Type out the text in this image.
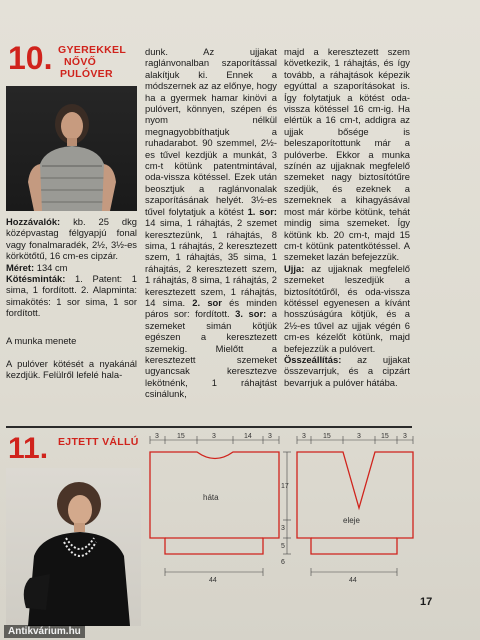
10. GYEREKKEL
NŐVŐ
PULÓVER

Hozzávalók: kb. 25 dkg középvastag félgyapjú fonal vagy fonalmaradék, 2½, 3½-es körkötőtű, 16 cm-es cipzár.

Méret: 134 cm

Kötésminták: 1. Patent: 1 sima, 1 fordított. 2. Alapminta: simakötés: 1 sor sima, 1 sor fordított.

A munka menete

A pulóver kötését a nyakánál kezdjük. Felülről lefelé hala-

dunk. Az ujjakat raglánvonalban szaporítással alakítjuk ki. Ennek a módszernek az az előnye, hogy ha a gyermek hamar kinövi a pulóvert, könnyen, szépen és nyom nélkül megnagyobbíthatjuk a ruhadarabot. 90 szemmel, 2½-es tűvel kezdjük a munkát, 3 cm-t kötünk patentmintával, oda-vissza kötéssel. Ezek után beosztjuk a raglánvonalak szaporításának helyét. 3½-es tűvel folytatjuk a kötést 1. sor: 14 sima, 1 ráhajtás, 2 szemet keresztezünk, 1 ráhajtás, 8 sima, 1 ráhajtás, 2 keresztezett szem, 1 ráhajtás, 35 sima, 1 ráhajtás, 2 keresztezett szem, 1 ráhajtás, 8 sima, 1 ráhajtás, 2 keresztezett szem, 1 ráhajtás, 14 sima. 2. sor és minden páros sor: fordított. 3. sor: a szemeket simán kötjük egészen a keresztezett szemekig. Mielőtt a keresztezett szemeket ugyancsak keresztezve lekötnénk, 1 ráhajtást csinálunk,

majd a keresztezett szem következik, 1 ráhajtás, és így tovább, a ráhajtások képezik egyúttal a szaporításokat is. Így folytatjuk a kötést oda-vissza kötéssel 16 cm-ig. Ha elértük a 16 cm-t, addigra az ujjak bősége is beleszaporítottunk már a pulóverbe. Ekkor a munka színén az ujjaknak megfelelő szemeket nagy biztosítótűre szedjük, és ezeknek a szemeknek a kihagyásával most már körbe kötünk, tehát mindig sima szemeket. Így kötünk kb. 20 cm-t, majd 15 cm-t kötünk patentkötéssel. A szemeket lazán befejezzük.

Ujja: az ujjaknak megfelelő szemeket leszedjük a biztosítótűről, és oda-vissza kötéssel egyenesen a kívánt hosszúságúra kötjük, és a 2½-es tűvel az ujjak végén 6 cm-es kézelőt kötünk, majd befejezzük a pulóvert.

Összeállítás: az ujjakat összevarrjuk, és a cipzárt bevarrjuk a pulóver hátába.

11. EJTETT VÁLLÚ 3	15	3	14 3	3 15	3	15 3
17
3
5
6
44	44
háta
eleje
17
Antikvárium.hu
